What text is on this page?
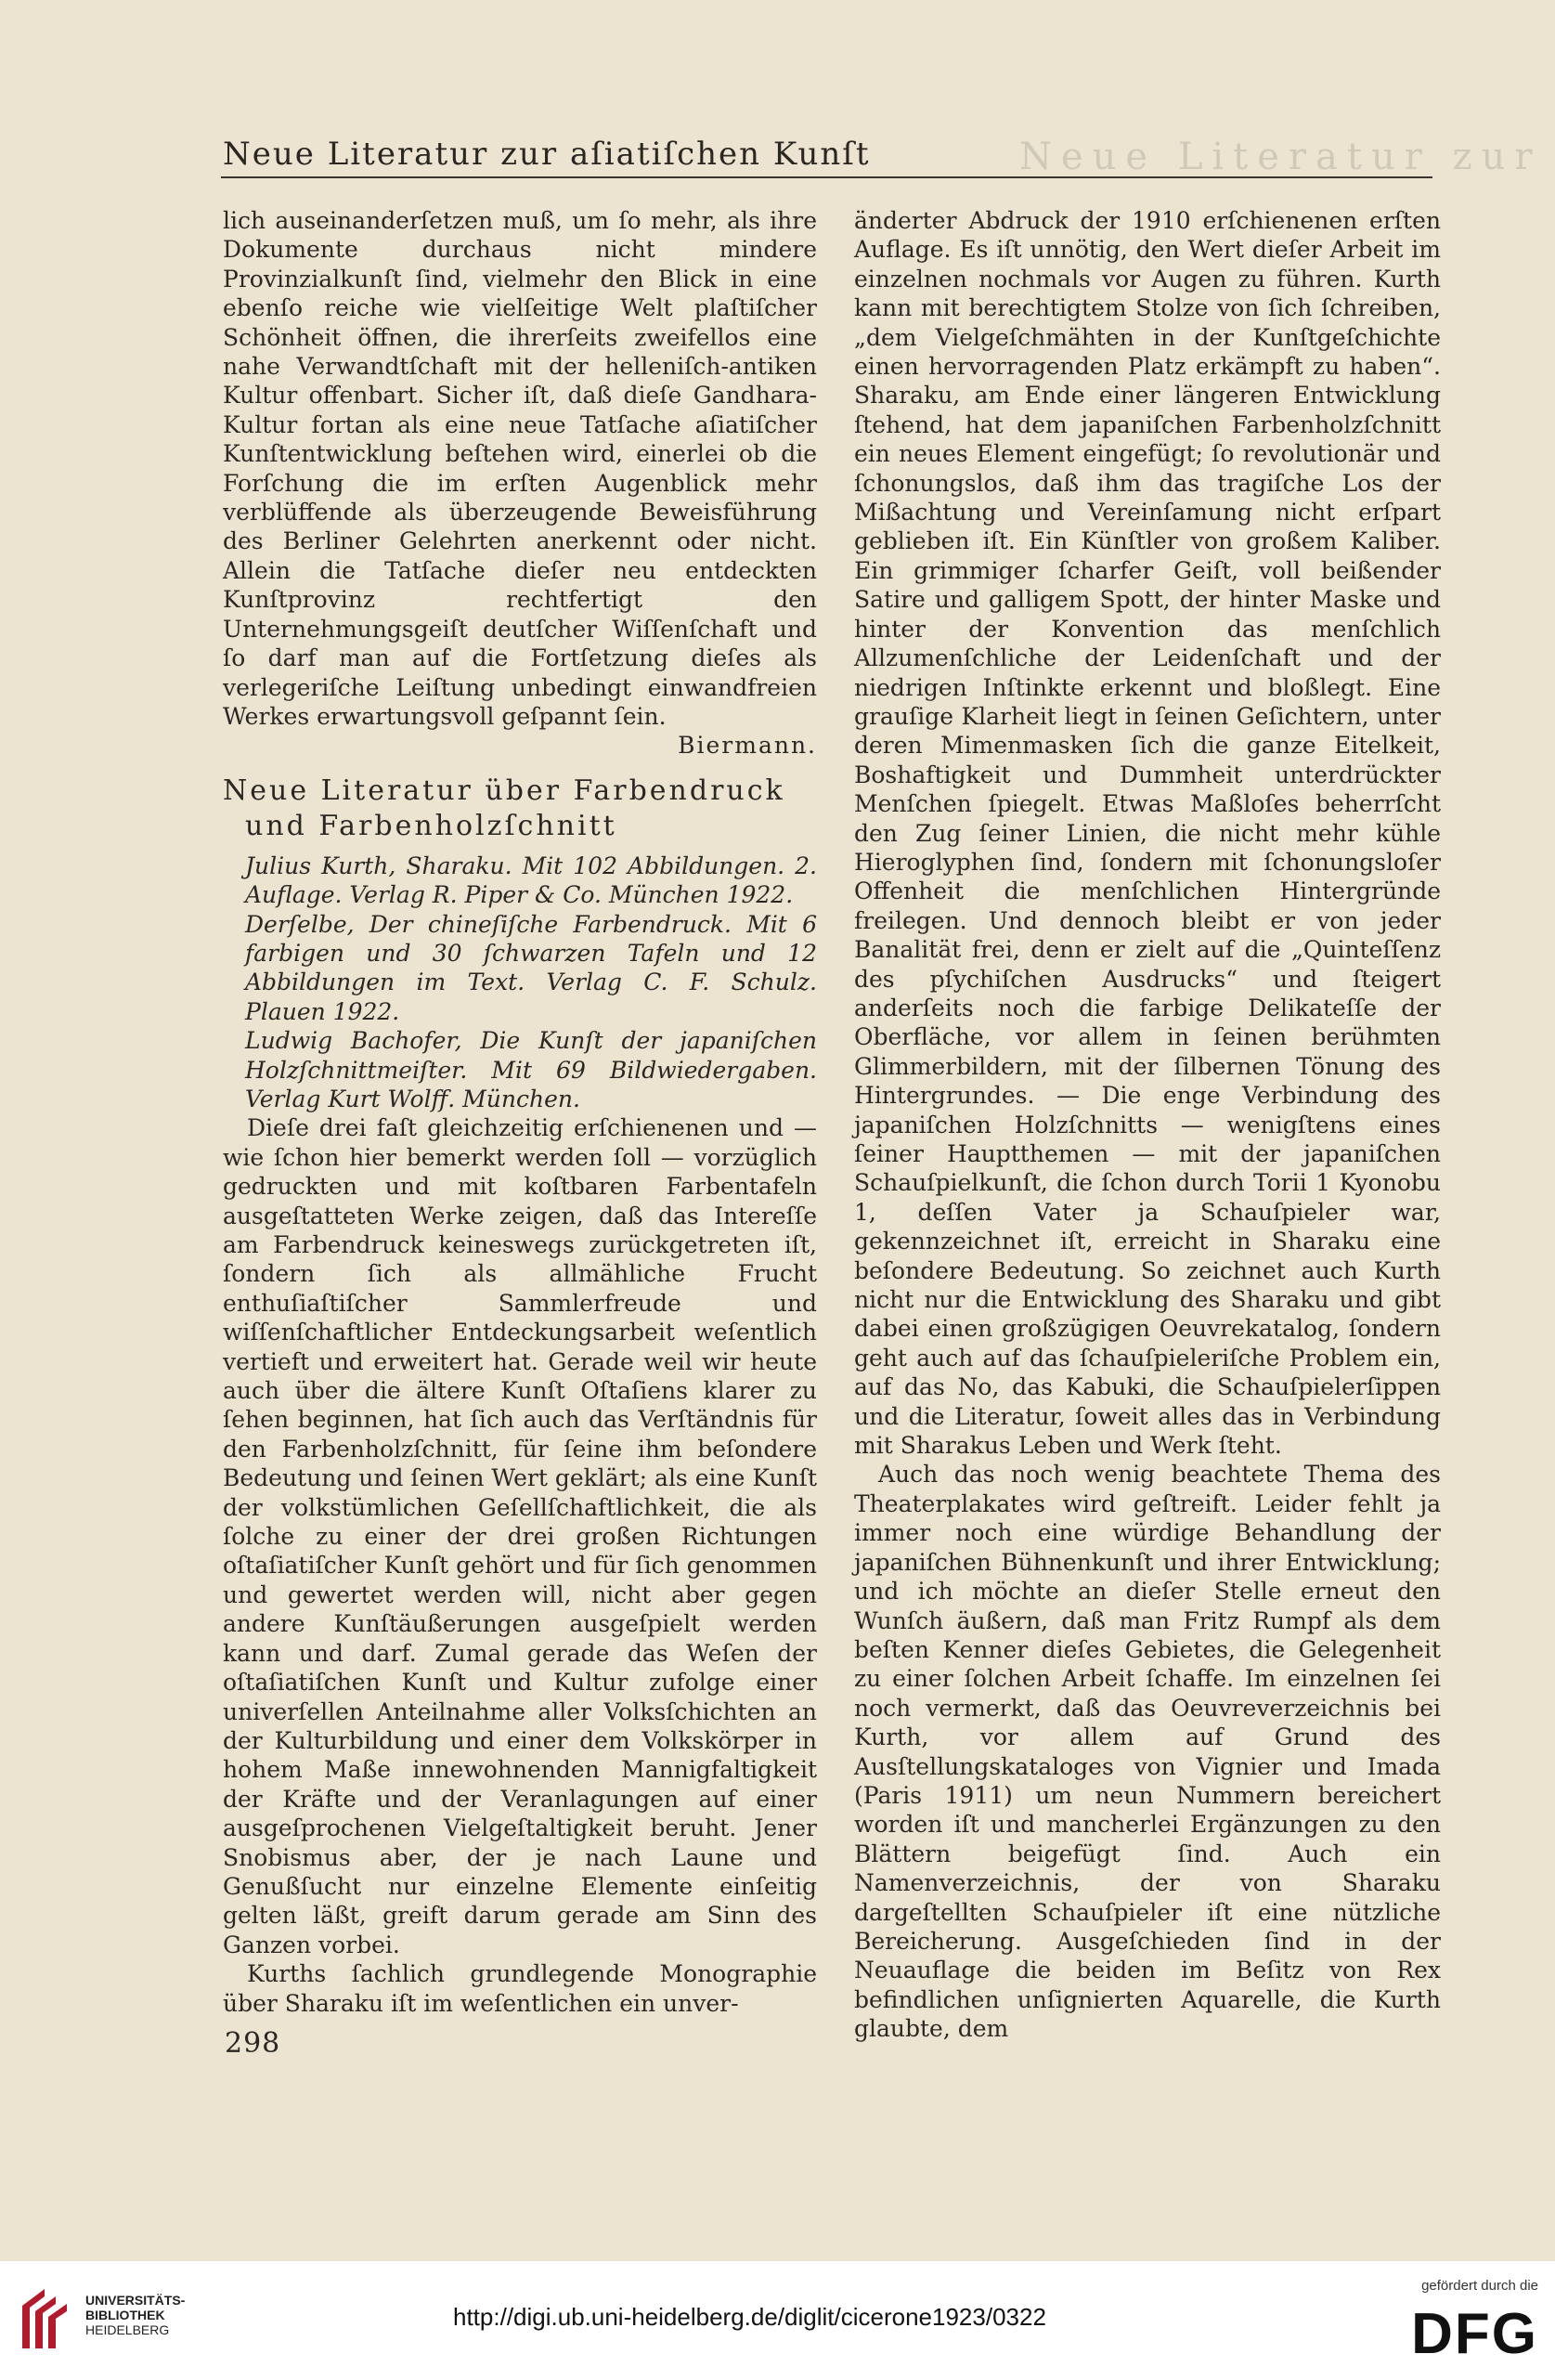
Neue Literatur zur aſiatiſchen Kunſt	Neue Literatur zur

lich auseinanderſetzen muß, um ſo mehr, als ihre Dokumente durchaus nicht mindere Provinzialkunſt ſind, vielmehr den Blick in eine ebenſo reiche wie vielſeitige Welt plaſtiſcher Schönheit öffnen, die ihrerſeits zweifellos eine nahe Verwandtſchaft mit der helleniſch-antiken Kultur offenbart. Sicher iſt, daß dieſe Gandhara-Kultur fortan als eine neue Tatſache aſiatiſcher Kunſtentwicklung beſtehen wird, einerlei ob die Forſchung die im erſten Augenblick mehr verblüffende als überzeugende Beweisführung des Berliner Gelehrten anerkennt oder nicht. Allein die Tatſache dieſer neu entdeckten Kunſtprovinz rechtfertigt den Unternehmungsgeiſt deutſcher Wiſſenſchaft und ſo darf man auf die Fortſetzung dieſes als verlegeriſche Leiſtung unbedingt einwandfreien Werkes erwartungsvoll geſpannt ſein.

Biermann.

Neue Literatur über Farbendruck
und Farbenholzſchnitt

Julius Kurth, Sharaku. Mit 102 Abbildungen. 2. Auflage. Verlag R. Piper & Co. München 1922.

Derſelbe, Der chineſiſche Farbendruck. Mit 6 farbigen und 30 ſchwarzen Tafeln und 12 Abbildungen im Text. Verlag C. F. Schulz. Plauen 1922.

Ludwig Bachofer, Die Kunſt der japaniſchen Holzſchnittmeiſter. Mit 69 Bildwiedergaben. Verlag Kurt Wolff. München.

Dieſe drei faſt gleichzeitig erſchienenen und — wie ſchon hier bemerkt werden ſoll — vorzüglich gedruckten und mit koſtbaren Farbentafeln ausgeſtatteten Werke zeigen, daß das Intereſſe am Farbendruck keineswegs zurückgetreten iſt, ſondern ſich als allmähliche Frucht enthuſiaſtiſcher Sammlerfreude und wiſſenſchaftlicher Entdeckungsarbeit weſentlich vertieft und erweitert hat. Gerade weil wir heute auch über die ältere Kunſt Oſtaſiens klarer zu ſehen beginnen, hat ſich auch das Verſtändnis für den Farbenholzſchnitt, für ſeine ihm beſondere Bedeutung und ſeinen Wert geklärt; als eine Kunſt der volkstümlichen Geſellſchaftlichkeit, die als ſolche zu einer der drei großen Richtungen oſtaſiatiſcher Kunſt gehört und für ſich genommen und gewertet werden will, nicht aber gegen andere Kunſtäußerungen ausgeſpielt werden kann und darf. Zumal gerade das Weſen der oſtaſiatiſchen Kunſt und Kultur zufolge einer univerſellen Anteilnahme aller Volksſchichten an der Kulturbildung und einer dem Volkskörper in hohem Maße innewohnenden Mannigfaltigkeit der Kräfte und der Veranlagungen auf einer ausgeſprochenen Vielgeſtaltigkeit beruht. Jener Snobismus aber, der je nach Laune und Genußſucht nur einzelne Elemente einſeitig gelten läßt, greift darum gerade am Sinn des Ganzen vorbei.

Kurths ſachlich grundlegende Monographie über Sharaku iſt im weſentlichen ein unver-

änderter Abdruck der 1910 erſchienenen erſten Auflage. Es iſt unnötig, den Wert dieſer Arbeit im einzelnen nochmals vor Augen zu führen. Kurth kann mit berechtigtem Stolze von ſich ſchreiben, „dem Vielgeſchmähten in der Kunſtgeſchichte einen hervorragenden Platz erkämpft zu haben“. Sharaku, am Ende einer längeren Entwicklung ſtehend, hat dem japaniſchen Farbenholzſchnitt ein neues Element eingefügt; ſo revolutionär und ſchonungslos, daß ihm das tragiſche Los der Mißachtung und Vereinſamung nicht erſpart geblieben iſt. Ein Künſtler von großem Kaliber. Ein grimmiger ſcharfer Geiſt, voll beißender Satire und galligem Spott, der hinter Maske und hinter der Konvention das menſchlich Allzumenſchliche der Leidenſchaft und der niedrigen Inſtinkte erkennt und bloßlegt. Eine grauſige Klarheit liegt in ſeinen Geſichtern, unter deren Mimenmasken ſich die ganze Eitelkeit, Boshaftigkeit und Dummheit unterdrückter Menſchen ſpiegelt. Etwas Maßloſes beherrſcht den Zug ſeiner Linien, die nicht mehr kühle Hieroglyphen ſind, ſondern mit ſchonungsloſer Offenheit die menſchlichen Hintergründe freilegen. Und dennoch bleibt er von jeder Banalität frei, denn er zielt auf die „Quinteſſenz des pſychiſchen Ausdrucks“ und ſteigert anderſeits noch die farbige Delikateſſe der Oberfläche, vor allem in ſeinen berühmten Glimmerbildern, mit der ſilbernen Tönung des Hintergrundes. — Die enge Verbindung des japaniſchen Holzſchnitts — wenigſtens eines ſeiner Hauptthemen — mit der japaniſchen Schauſpielkunſt, die ſchon durch Torii 1 Kyonobu 1, deſſen Vater ja Schauſpieler war, gekennzeichnet iſt, erreicht in Sharaku eine beſondere Bedeutung. So zeichnet auch Kurth nicht nur die Entwicklung des Sharaku und gibt dabei einen großzügigen Oeuvrekatalog, ſondern geht auch auf das ſchauſpieleriſche Problem ein, auf das No, das Kabuki, die Schauſpielerſippen und die Literatur, ſoweit alles das in Verbindung mit Sharakus Leben und Werk ſteht.

Auch das noch wenig beachtete Thema des Theaterplakates wird geſtreift. Leider fehlt ja immer noch eine würdige Behandlung der japaniſchen Bühnenkunſt und ihrer Entwicklung; und ich möchte an dieſer Stelle erneut den Wunſch äußern, daß man Fritz Rumpf als dem beſten Kenner dieſes Gebietes, die Gelegenheit zu einer ſolchen Arbeit ſchaffe. Im einzelnen ſei noch vermerkt, daß das Oeuvreverzeichnis bei Kurth, vor allem auf Grund des Ausſtellungskataloges von Vignier und Imada (Paris 1911) um neun Nummern bereichert worden iſt und mancherlei Ergänzungen zu den Blättern beigefügt ſind. Auch ein Namenverzeichnis, der von Sharaku dargeſtellten Schauſpieler iſt eine nützliche Bereicherung. Ausgeſchieden ſind in der Neuauflage die beiden im Beſitz von Rex befindlichen unſignierten Aquarelle, die Kurth glaubte, dem

298
UNIVERSITÄTS-
BIBLIOTHEK
HEIDELBERG	http://digi.ub.uni-heidelberg.de/diglit/cicerone1923/0322
gefördert durch die
DFG
